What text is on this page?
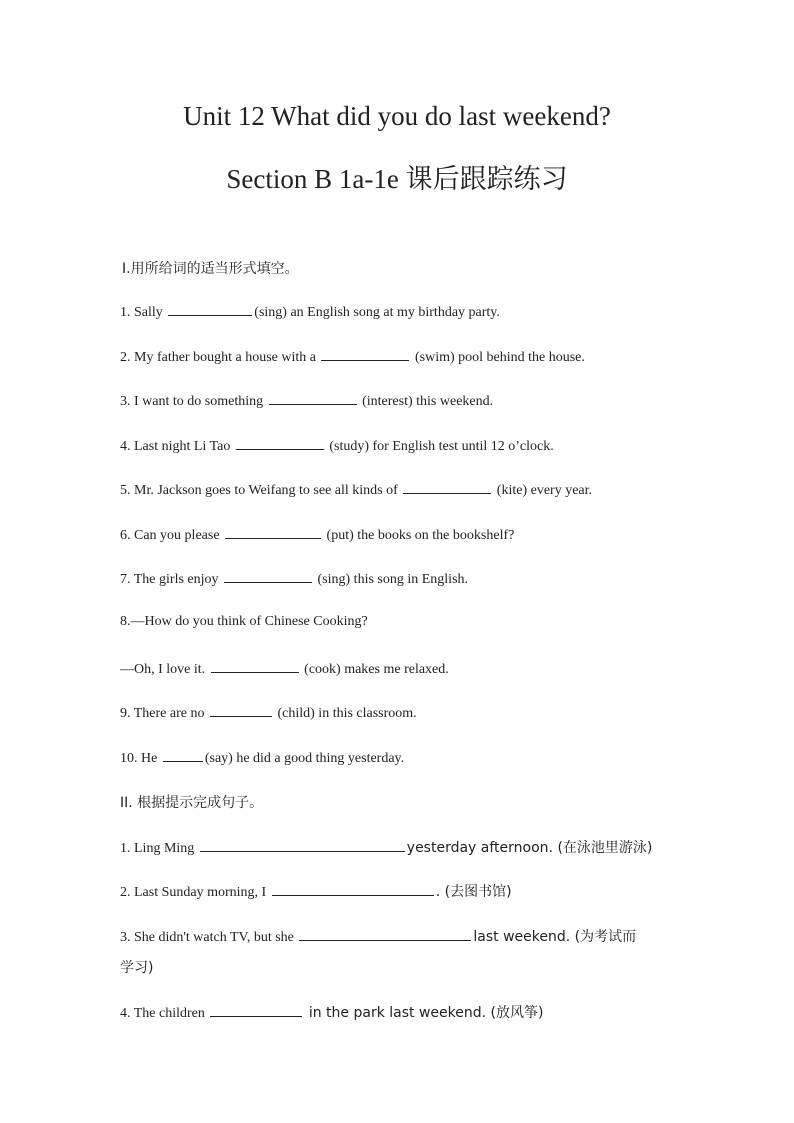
Unit 12 What did you do last weekend?
Section B 1a-1e 课后跟踪练习
Ⅰ.用所给词的适当形式填空。
1. Sally	(sing) an English song at my birthday party.
2. My father bought a house with a	(swim) pool behind the house.
3. I want to do something	(interest) this weekend.
4. Last night Li Tao	(study) for English test until 12 o’clock.
5. Mr. Jackson goes to Weifang to see all kinds of	(kite) every year.
6. Can you please	(put) the books on the bookshelf?
7. The girls enjoy	(sing) this song in English.
8.—How do you think of Chinese Cooking?
—Oh, I love it.	(cook) makes me relaxed.
9. There are no	(child) in this classroom.
10. He	(say) he did a good thing yesterday.
II. 根据提示完成句子。
1. Ling Ming	yesterday afternoon. (在泳池里游泳)
2. Last Sunday morning, I	. (去图书馆)
3. She didn't watch TV, but she	last weekend. (为考试而
学习)
4. The children	in the park last weekend. (放风筝)
